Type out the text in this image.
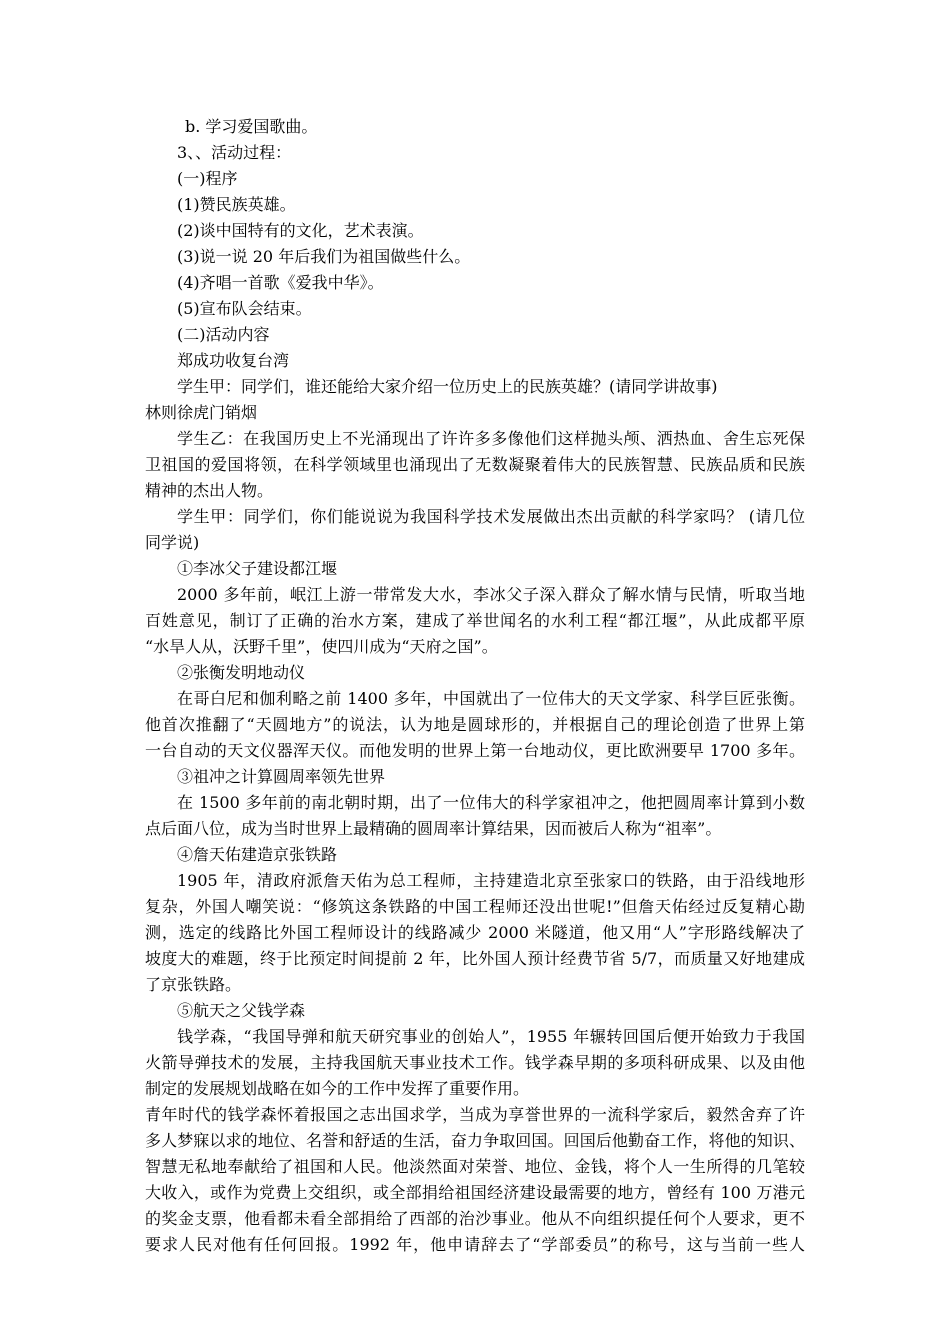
b. 学习爱国歌曲。
3、、活动过程：
(一)程序
(1)赞民族英雄。
(2)谈中国特有的文化，艺术表演。
(3)说一说 20 年后我们为祖国做些什么。
(4)齐唱一首歌《爱我中华》。
(5)宣布队会结束。
(二)活动内容
郑成功收复台湾
学生甲：同学们，谁还能给大家介绍一位历史上的民族英雄？(请同学讲故事)
林则徐虎门销烟
学生乙：在我国历史上不光涌现出了许许多多像他们这样抛头颅、洒热血、舍生忘死保
卫祖国的爱国将领，在科学领域里也涌现出了无数凝聚着伟大的民族智慧、民族品质和民族
精神的杰出人物。
学生甲：同学们，你们能说说为我国科学技术发展做出杰出贡献的科学家吗？ (请几位
同学说)
①李冰父子建设都江堰
2000 多年前，岷江上游一带常发大水，李冰父子深入群众了解水情与民情，听取当地
百姓意见，制订了正确的治水方案，建成了举世闻名的水利工程“都江堰”，从此成都平原
“水旱人从，沃野千里”，使四川成为“天府之国”。
②张衡发明地动仪
在哥白尼和伽利略之前 1400 多年，中国就出了一位伟大的天文学家、科学巨匠张衡。
他首次推翻了“天圆地方”的说法，认为地是圆球形的，并根据自己的理论创造了世界上第
一台自动的天文仪器浑天仪。而他发明的世界上第一台地动仪，更比欧洲要早 1700 多年。
③祖冲之计算圆周率领先世界
在 1500 多年前的南北朝时期，出了一位伟大的科学家祖冲之，他把圆周率计算到小数
点后面八位，成为当时世界上最精确的圆周率计算结果，因而被后人称为“祖率”。
④詹天佑建造京张铁路
1905 年，清政府派詹天佑为总工程师，主持建造北京至张家口的铁路，由于沿线地形
复杂，外国人嘲笑说：“修筑这条铁路的中国工程师还没出世呢!”但詹天佑经过反复精心勘
测，选定的线路比外国工程师设计的线路减少 2000 米隧道，他又用“人”字形路线解决了
坡度大的难题，终于比预定时间提前 2 年，比外国人预计经费节省 5/7，而质量又好地建成
了京张铁路。
⑤航天之父钱学森
钱学森，“我国导弹和航天研究事业的创始人”，1955 年辗转回国后便开始致力于我国
火箭导弹技术的发展，主持我国航天事业技术工作。钱学森早期的多项科研成果、以及由他
制定的发展规划战略在如今的工作中发挥了重要作用。
青年时代的钱学森怀着报国之志出国求学，当成为享誉世界的一流科学家后，毅然舍弃了许
多人梦寐以求的地位、名誉和舒适的生活，奋力争取回国。回国后他勤奋工作，将他的知识、
智慧无私地奉献给了祖国和人民。他淡然面对荣誉、地位、金钱，将个人一生所得的几笔较
大收入，或作为党费上交组织，或全部捐给祖国经济建设最需要的地方，曾经有 100 万港元
的奖金支票，他看都未看全部捐给了西部的治沙事业。他从不向组织提任何个人要求，更不
要求人民对他有任何回报。1992 年，他申请辞去了“学部委员”的称号，这与当前一些人
